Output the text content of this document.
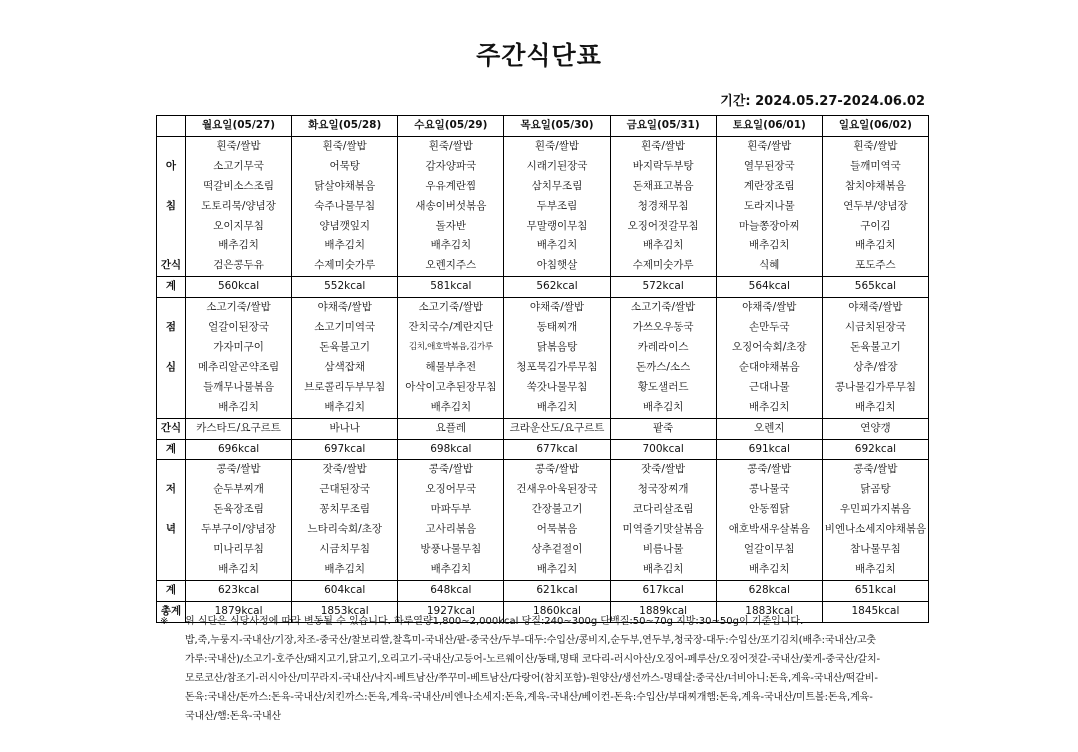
주간식단표
기간: 2024.05.27-2024.06.02
	월요일(05/27)	화요일(05/28)	수요일(05/29)	목요일(05/30)	금요일(05/31)	토요일(06/01)	일요일(06/02)
	흰죽/쌀밥	흰죽/쌀밥	흰죽/쌀밥	흰죽/쌀밥	흰죽/쌀밥	흰죽/쌀밥	흰죽/쌀밥
아	소고기무국	어묵탕	감자양파국	시래기된장국	바지락두부탕	열무된장국	들깨미역국
	떡갈비소스조림	닭살야채볶음	우유계란찜	삼치무조림	돈채표고볶음	계란장조림	참치야채볶음
침	도토리묵/양념장	숙주나물무침	새송이버섯볶음	두부조림	청경채무침	도라지나물	연두부/양념장
	오이지무침	양념깻잎지	돌자반	무말랭이무침	오징어젓갈무침	마늘쫑장아찌	구이김
	배추김치	배추김치	배추김치	배추김치	배추김치	배추김치	배추김치
간식	검은콩두유	수제미숫가루	오렌지주스	아침햇살	수제미숫가루	식혜	포도주스
계	560kcal	552kcal	581kcal	562kcal	572kcal	564kcal	565kcal
	소고기죽/쌀밥	야채죽/쌀밥	소고기죽/쌀밥	야채죽/쌀밥	소고기죽/쌀밥	야채죽/쌀밥	야채죽/쌀밥
점	얼갈이된장국	소고기미역국	잔치국수/계란지단	동태찌개	가쓰오우동국	손만두국	시금치된장국
	가자미구이	돈육불고기	김치,애호박볶음,김가루	닭볶음탕	카레라이스	오징어숙회/초장	돈육불고기
심	메추리알곤약조림	삼색잡채	해물부추전	청포묵김가루무침	돈까스/소스	순대야채볶음	상추/쌈장
	들깨무나물볶음	브로콜리두부무침	아삭이고추된장무침	쑥갓나물무침	황도샐러드	근대나물	콩나물김가루무침
	배추김치	배추김치	배추김치	배추김치	배추김치	배추김치	배추김치
간식	카스타드/요구르트	바나나	요플레	크라운산도/요구르트	팥죽	오렌지	연양갱
계	696kcal	697kcal	698kcal	677kcal	700kcal	691kcal	692kcal
	콩죽/쌀밥	잣죽/쌀밥	콩죽/쌀밥	콩죽/쌀밥	잣죽/쌀밥	콩죽/쌀밥	콩죽/쌀밥
저	순두부찌개	근대된장국	오징어무국	건새우아욱된장국	청국장찌개	콩나물국	닭곰탕
	돈육장조림	꽁치무조림	마파두부	간장불고기	코다리살조림	안동찜닭	우민피가지볶음
녁	두부구이/양념장	느타리숙회/초장	고사리볶음	어묵볶음	미역줄기맛살볶음	애호박새우살볶음	비엔나소세지야채볶음
	미나리무침	시금치무침	방풍나물무침	상추겉절이	비름나물	얼갈이무침	참나물무침
	배추김치	배추김치	배추김치	배추김치	배추김치	배추김치	배추김치
계	623kcal	604kcal	648kcal	621kcal	617kcal	628kcal	651kcal
총계	1879kcal	1853kcal	1927kcal	1860kcal	1889kcal	1883kcal	1845kcal
※ 위 식단은 식당사정에 따라 변동될 수 있습니다. 하루열량1,800~2,000kcal 당질:240~300g 단백질:50~70g 지방:30~50g이 기준입니다.
밥,죽,누룽지-국내산/기장,차조-중국산/찰보리쌀,찰흑미-국내산/팥-중국산/두부-대두:수입산/콩비지,순두부,연두부,청국장-대두:수입산/포기김치(배추:국내산/고춧가루:국내산)/소고기-호주산/돼지고기,닭고기,오리고기-국내산/고등어-노르웨이산/동태,명태 코다리-러시아산/오징어-페루산/오징어젓갈-국내산/꽃게-중국산/갈치-모로코산/참조기-러시아산/미꾸라지-국내산/낙지-베트남산/쭈꾸미-베트남산/다랑어(참치포함)-원양산/생선까스-명태살:중국산/너비아니:돈육,계육-국내산/떡갈비-돈육:국내산/돈까스:돈육-국내산/치킨까스:돈육,계육-국내산/비엔나소세지:돈육,계육-국내산/베이컨-돈육:수입산/부대찌개햄:돈육,계육-국내산/미트볼:돈육,계육-국내산/햄:돈육-국내산
